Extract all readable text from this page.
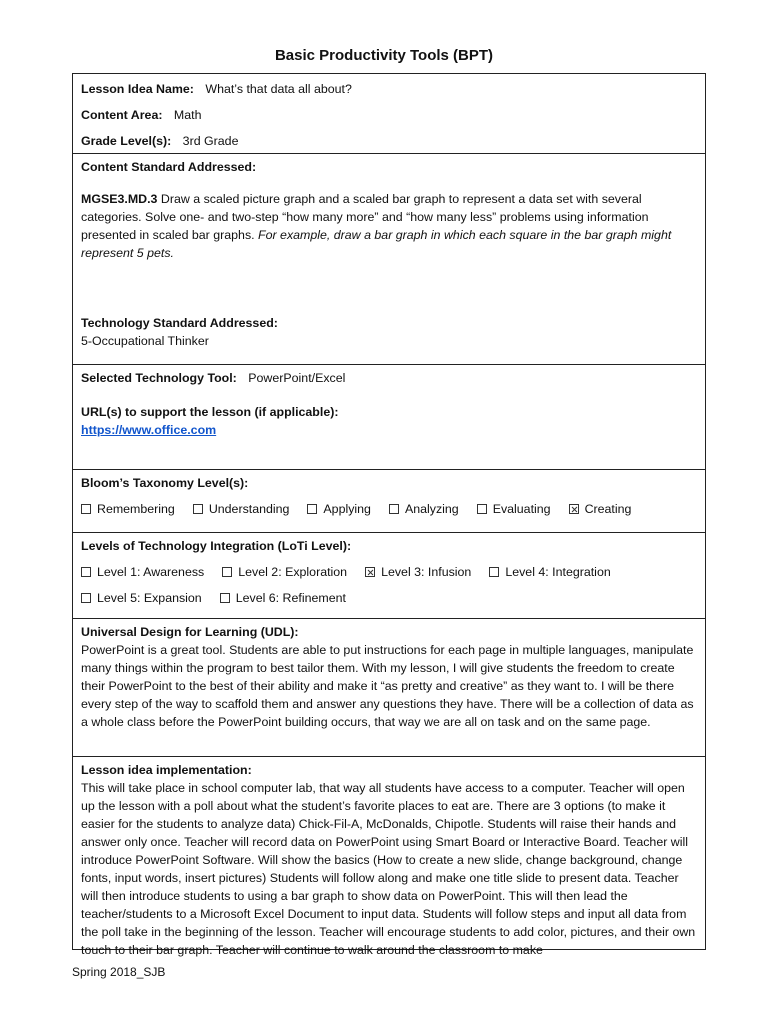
Basic Productivity Tools (BPT)
Lesson Idea Name: What’s that data all about?
Content Area: Math
Grade Level(s): 3rd Grade
Content Standard Addressed:
MGSE3.MD.3 Draw a scaled picture graph and a scaled bar graph to represent a data set with several categories. Solve one- and two-step “how many more” and “how many less” problems using information presented in scaled bar graphs. For example, draw a bar graph in which each square in the bar graph might represent 5 pets.
Technology Standard Addressed:
5-Occupational Thinker
Selected Technology Tool: PowerPoint/Excel
URL(s) to support the lesson (if applicable):
https://www.office.com
Bloom’s Taxonomy Level(s):
Remembering	Understanding	Applying	Analyzing	Evaluating	Creating
Levels of Technology Integration (LoTi Level):
Level 1: Awareness	Level 2: Exploration	Level 3: Infusion	Level 4: Integration
Level 5: Expansion	Level 6: Refinement
Universal Design for Learning (UDL):
PowerPoint is a great tool. Students are able to put instructions for each page in multiple languages, manipulate many things within the program to best tailor them. With my lesson, I will give students the freedom to create their PowerPoint to the best of their ability and make it “as pretty and creative” as they want to. I will be there every step of the way to scaffold them and answer any questions they have. There will be a collection of data as a whole class before the PowerPoint building occurs, that way we are all on task and on the same page.
Lesson idea implementation:
This will take place in school computer lab, that way all students have access to a computer. Teacher will open up the lesson with a poll about what the student’s favorite places to eat are. There are 3 options (to make it easier for the students to analyze data) Chick-Fil-A, McDonalds, Chipotle. Students will raise their hands and answer only once. Teacher will record data on PowerPoint using Smart Board or Interactive Board. Teacher will introduce PowerPoint Software. Will show the basics (How to create a new slide, change background, change fonts, input words, insert pictures) Students will follow along and make one title slide to present data. Teacher will then introduce students to using a bar graph to show data on PowerPoint. This will then lead the teacher/students to a Microsoft Excel Document to input data. Students will follow steps and input all data from the poll take in the beginning of the lesson. Teacher will encourage students to add color, pictures, and their own touch to their bar graph. Teacher will continue to walk around the classroom to make
Spring 2018_SJB
